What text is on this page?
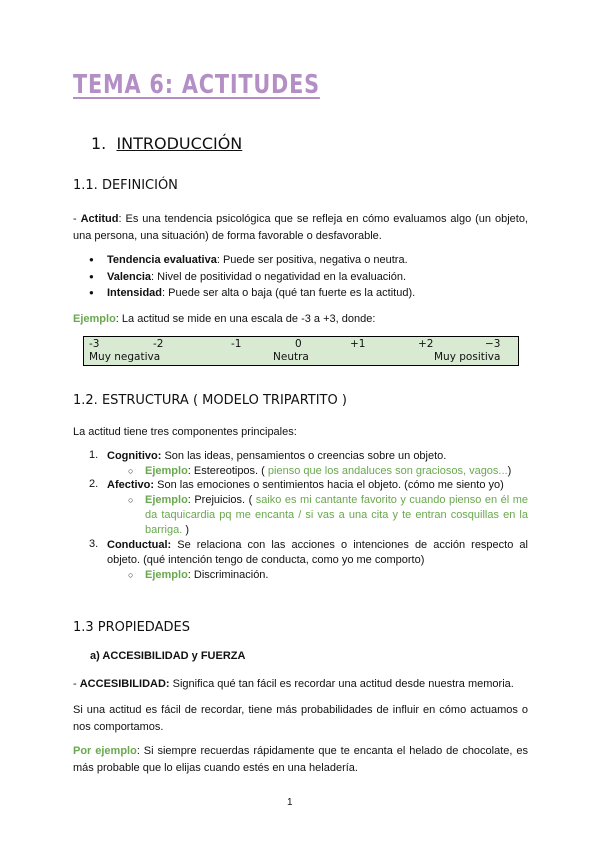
TEMA 6: ACTITUDES
1. INTRODUCCIÓN
1.1. DEFINICIÓN
- Actitud: Es una tendencia psicológica que se refleja en cómo evaluamos algo (un objeto, una persona, una situación) de forma favorable o desfavorable.
● Tendencia evaluativa: Puede ser positiva, negativa o neutra.
● Valencia: Nivel de positividad o negatividad en la evaluación.
● Intensidad: Puede ser alta o baja (qué tan fuerte es la actitud).
Ejemplo: La actitud se mide en una escala de -3 a +3, donde:
-3	-2	-1	0	+1	+2	−3
Muy negativa	Neutra	Muy positiva
1.2. ESTRUCTURA ( MODELO TRIPARTITO )
La actitud tiene tres componentes principales:
1. Cognitivo: Son las ideas, pensamientos o creencias sobre un objeto.
○ Ejemplo: Estereotipos. ( pienso que los andaluces son graciosos, vagos...)
2. Afectivo: Son las emociones o sentimientos hacia el objeto. (cómo me siento yo)
○ Ejemplo: Prejuicios. ( saiko es mi cantante favorito y cuando pienso en él me da taquicardia pq me encanta / si vas a una cita y te entran cosquillas en la barriga. )
3. Conductual: Se relaciona con las acciones o intenciones de acción respecto al objeto. (qué intención tengo de conducta, como yo me comporto)
○ Ejemplo: Discriminación.
1.3 PROPIEDADES
a) ACCESIBILIDAD y FUERZA
- ACCESIBILIDAD: Significa qué tan fácil es recordar una actitud desde nuestra memoria.
Si una actitud es fácil de recordar, tiene más probabilidades de influir en cómo actuamos o nos comportamos.
Por ejemplo: Si siempre recuerdas rápidamente que te encanta el helado de chocolate, es más probable que lo elijas cuando estés en una heladería.
1
